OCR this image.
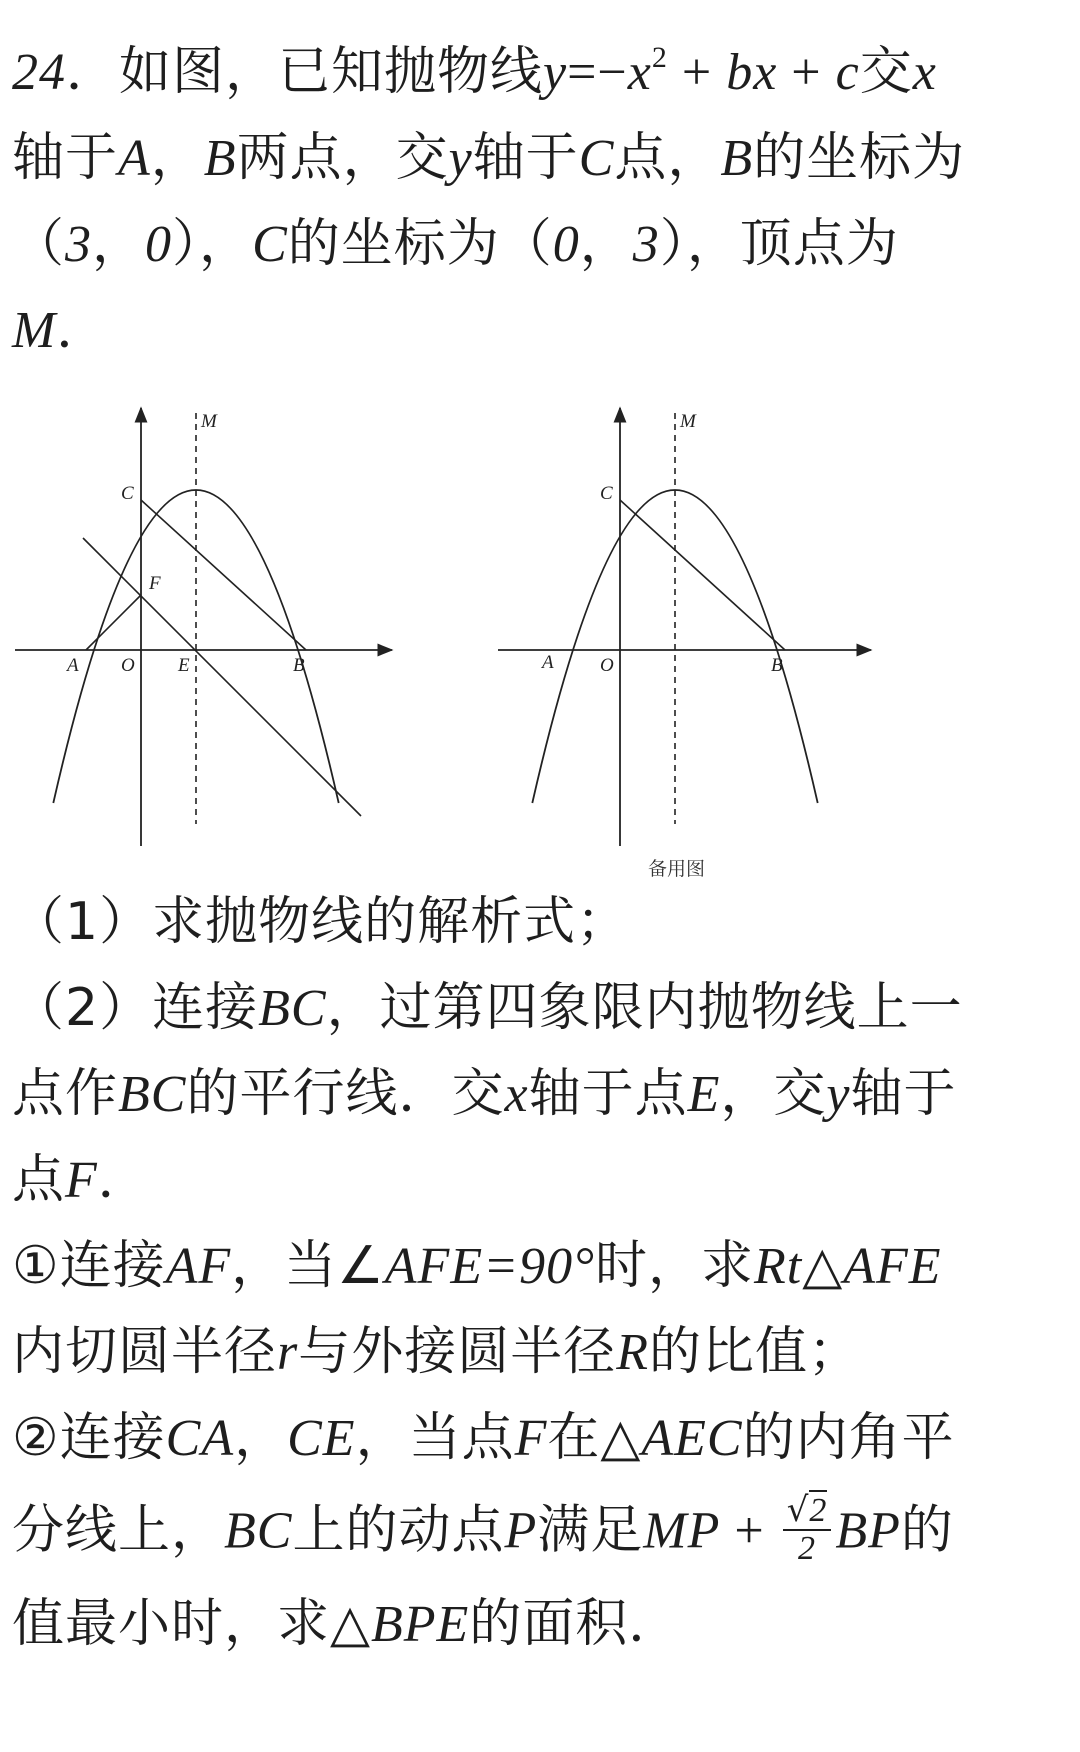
24．如图，已知抛物线$y=-x^2$ + bx + c交x
轴于A，B两点，交y轴于C点，B的坐标为
（3，0），C的坐标为（0，3），顶点为
M．
M
C
F
A O E	B
M
C
A O	B
备用图
（1）求抛物线的解析式；
（2）连接BC，过第四象限内抛物线上一
点作BC的平行线．交x轴于点E，交y轴于
点F．
①连接AF，当∠AFE=90°时，求Rt△AFE
内切圆半径r与外接圆半径R的比值；
②连接CA，CE，当点F在△AEC的内角平
分线上，BC上的动点P满足MP + $\frac{√2}{2}$ BP的
值最小时，求△BPE的面积．
